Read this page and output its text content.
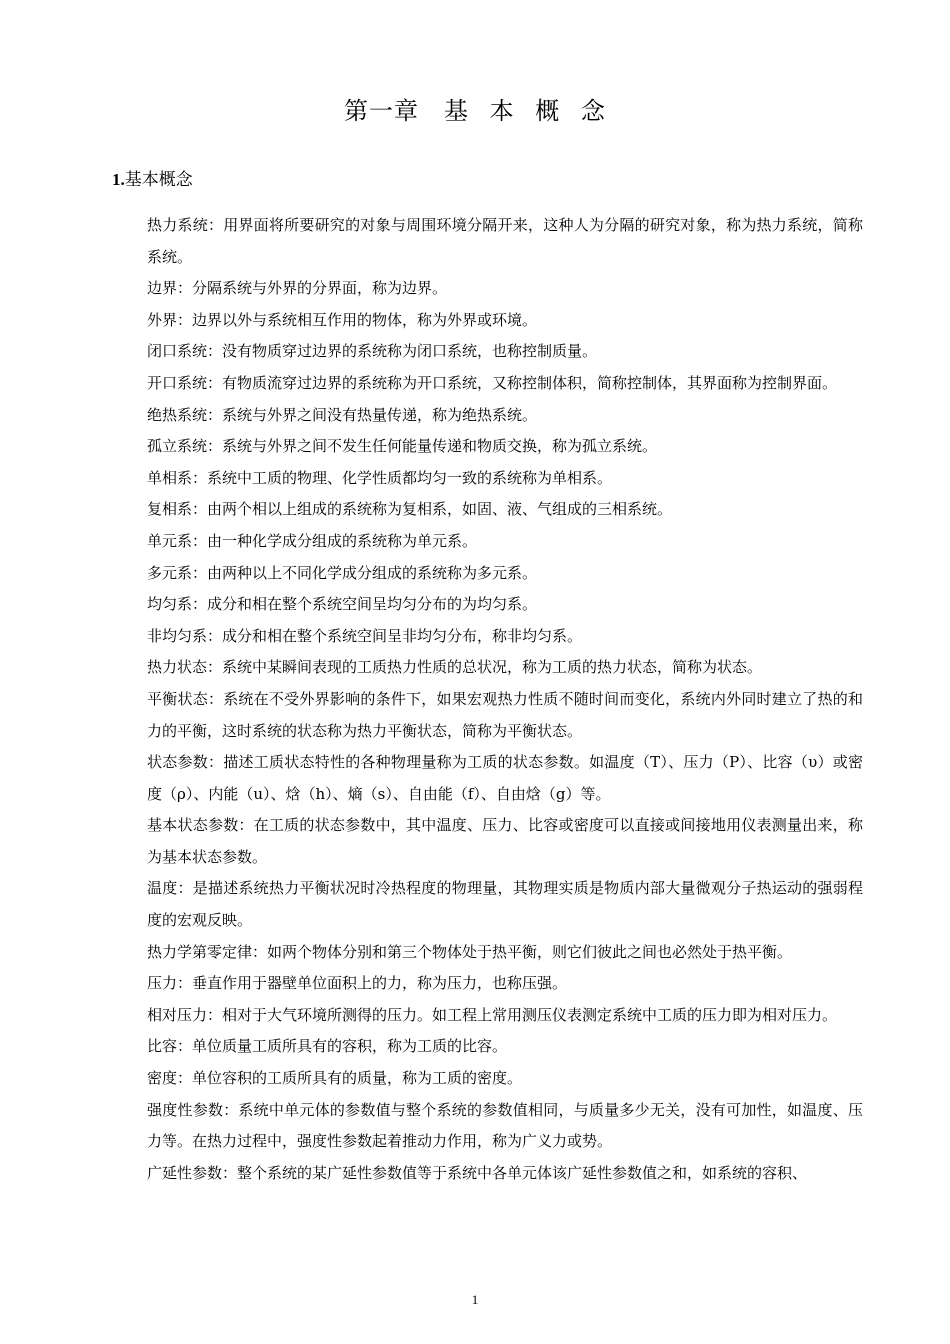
第一章　基 本 概 念
1.基本概念

热力系统：用界面将所要研究的对象与周围环境分隔开来，这种人为分隔的研究对象，称为热力系统，简称系统。

边界：分隔系统与外界的分界面，称为边界。

外界：边界以外与系统相互作用的物体，称为外界或环境。

闭口系统：没有物质穿过边界的系统称为闭口系统，也称控制质量。

开口系统：有物质流穿过边界的系统称为开口系统，又称控制体积，简称控制体，其界面称为控制界面。

绝热系统：系统与外界之间没有热量传递，称为绝热系统。

孤立系统：系统与外界之间不发生任何能量传递和物质交换，称为孤立系统。

单相系：系统中工质的物理、化学性质都均匀一致的系统称为单相系。

复相系：由两个相以上组成的系统称为复相系，如固、液、气组成的三相系统。

单元系：由一种化学成分组成的系统称为单元系。

多元系：由两种以上不同化学成分组成的系统称为多元系。

均匀系：成分和相在整个系统空间呈均匀分布的为均匀系。

非均匀系：成分和相在整个系统空间呈非均匀分布，称非均匀系。

热力状态：系统中某瞬间表现的工质热力性质的总状况，称为工质的热力状态，简称为状态。

平衡状态：系统在不受外界影响的条件下，如果宏观热力性质不随时间而变化，系统内外同时建立了热的和力的平衡，这时系统的状态称为热力平衡状态，简称为平衡状态。

状态参数：描述工质状态特性的各种物理量称为工质的状态参数。如温度（T）、压力（P）、比容（υ）或密度（ρ）、内能（u）、焓（h）、熵（s）、自由能（f）、自由焓（g）等。

基本状态参数：在工质的状态参数中，其中温度、压力、比容或密度可以直接或间接地用仪表测量出来，称为基本状态参数。

温度：是描述系统热力平衡状况时冷热程度的物理量，其物理实质是物质内部大量微观分子热运动的强弱程度的宏观反映。

热力学第零定律：如两个物体分别和第三个物体处于热平衡，则它们彼此之间也必然处于热平衡。

压力：垂直作用于器壁单位面积上的力，称为压力，也称压强。

相对压力：相对于大气环境所测得的压力。如工程上常用测压仪表测定系统中工质的压力即为相对压力。

比容：单位质量工质所具有的容积，称为工质的比容。

密度：单位容积的工质所具有的质量，称为工质的密度。

强度性参数：系统中单元体的参数值与整个系统的参数值相同，与质量多少无关，没有可加性，如温度、压力等。在热力过程中，强度性参数起着推动力作用，称为广义力或势。

广延性参数：整个系统的某广延性参数值等于系统中各单元体该广延性参数值之和，如系统的容积、

1
